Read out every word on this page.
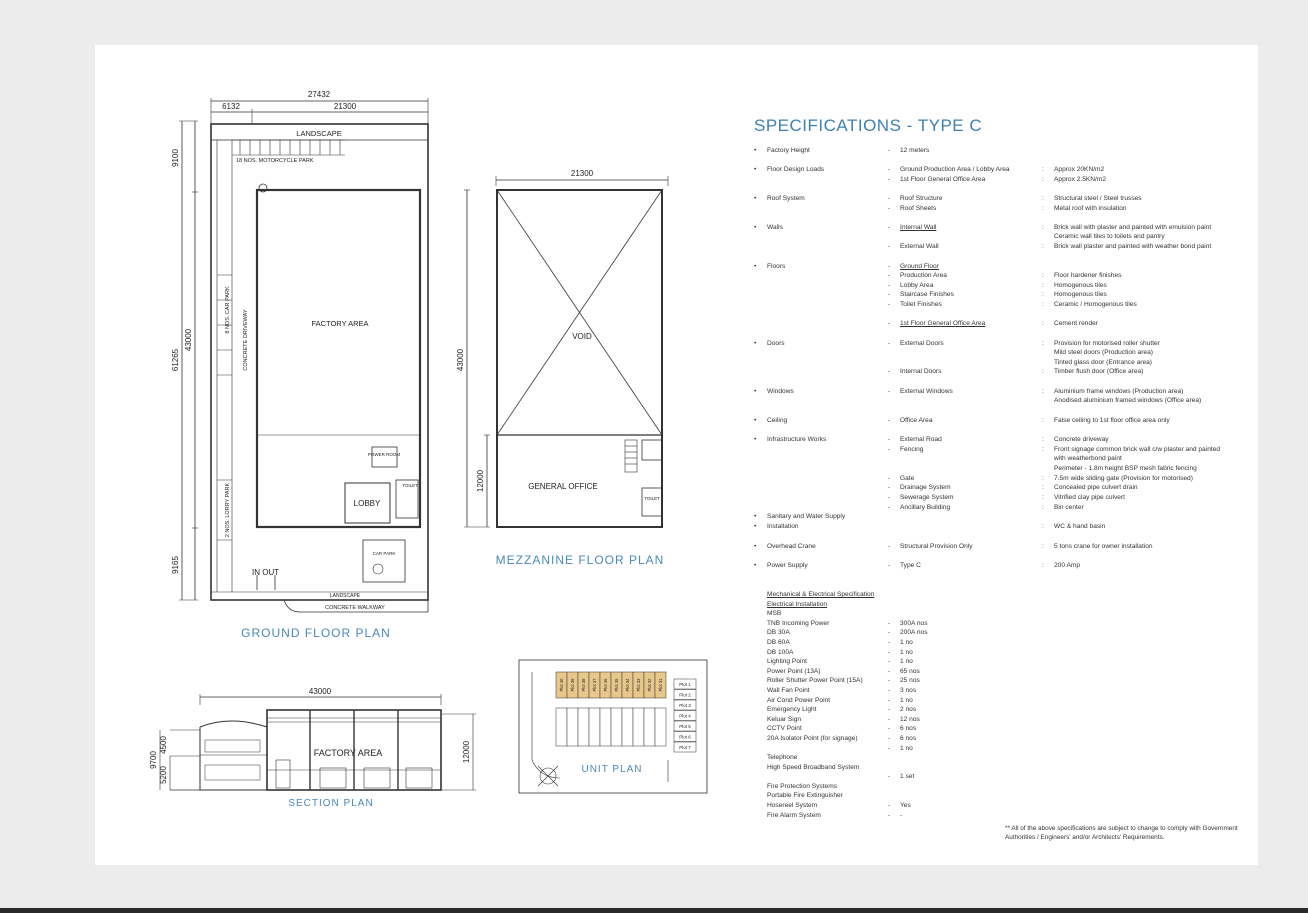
27432
6132	21300
9100
43000
61265
9165
LANDSCAPE
18 NOS. MOTORCYCLE PARK
8 NOS. CAR PARK CONCRETE DRIVEWAY	FACTORY AREA
2 NOS. LORRY PARK
POWER ROOM
LOBBY
TOILET
CAR PARK
IN OUT
LANDSCAPE
CONCRETE WALKWAY
GROUND FLOOR PLAN
21300
43000
12000
VOID
GENERAL OFFICE
TOILET
MEZZANINE FLOOR PLAN
43000
FACTORY AREA	12000
9700
5200
4500
SECTION PLAN
Plot 40 Plot 39 Plot 38 Plot 37 Plot 36 Plot 35 Plot 34 Plot 33 Plot 32 Plot 31	Plot 1
Plot 2
Plot 3
Plot 4
Plot 5
Plot 6
Plot 7
UNIT PLAN
SPECIFICATIONS - TYPE C
• Factory Height	- 12 meters
• Floor Design Loads	- Ground Production Area / Lobby Area	: Approx 20KN/m2
- 1st Floor General Office Area	: Approx 2.5KN/m2
• Roof System	- Roof Structure	: Structural steel / Steel trusses
- Roof Sheets	: Metal roof with insulation
• Walls	- Internal Wall	: Brick wall with plaster and painted with emulsion paint
Ceramic wall tiles to toilets and pantry
- External Wall	: Brick wall plaster and painted with weather bond paint
• Floors	- Ground Floor
- Production Area	: Floor hardener finishes
- Lobby Area	: Homogenous tiles
- Staircase Finishes	: Homogenous tiles
- Toilet Finishes	: Ceramic / Homogenous tiles
- 1st Floor General Office Area	: Cement render
• Doors	- External Doors	: Provision for motorised roller shutter
Mild steel doors (Production area)
Tinted glass door (Entrance area)
- Internal Doors	: Timber flush door (Office area)
• Windows	- External Windows	: Aluminium frame windows (Production area)
Anodised aluminium framed windows (Office area)
• Ceiling	- Office Area	: False ceiling to 1st floor office area only
• Infrastructure Works	- External Road	: Concrete driveway
- Fencing	: Front signage common brick wall c/w plaster and painted
with weatherbond paint
Perimeter - 1.8m height BSP mesh fabric fencing
- Gate	: 7.5m wide sliding gate (Provision for motorised)
- Drainage System	: Concealed pipe culvert drain
- Sewerage System	: Vitrified clay pipe culvert
- Ancillary Building	: Bin center
• Sanitary and Water Supply
• Installation	: WC & hand basin
• Overhead Crane	- Structural Provision Only	: 5 tons crane for owner installation
• Power Supply	- Type C	: 200 Amp
Mechanical & Electrical Specification
Electrical Installation
MSB
TNB Incoming Power	- 300A nos
DB 30A	- 200A nos
DB 60A	- 1 no
DB 100A	- 1 no
Lighting Point	- 1 no
Power Point (13A)	- 65 nos
Roller Shutter Power Point (15A)	- 25 nos
Wall Fan Point	- 3 nos
Air Cond Power Point	- 1 no
Emergency Light	- 2 nos
Keluar Sign	- 12 nos
CCTV Point	- 6 nos
20A Isolator Point (for signage)	- 6 nos
- 1 no
Telephone
High Speed Broadband System
- 1 set
Fire Protection Systems
Portable Fire Extinguisher
Hosereel System	- Yes
Fire Alarm System	- -
** All of the above specifications are subject to change to comply with Government Authorities / Engineers' and/or Architects' Requirements.
